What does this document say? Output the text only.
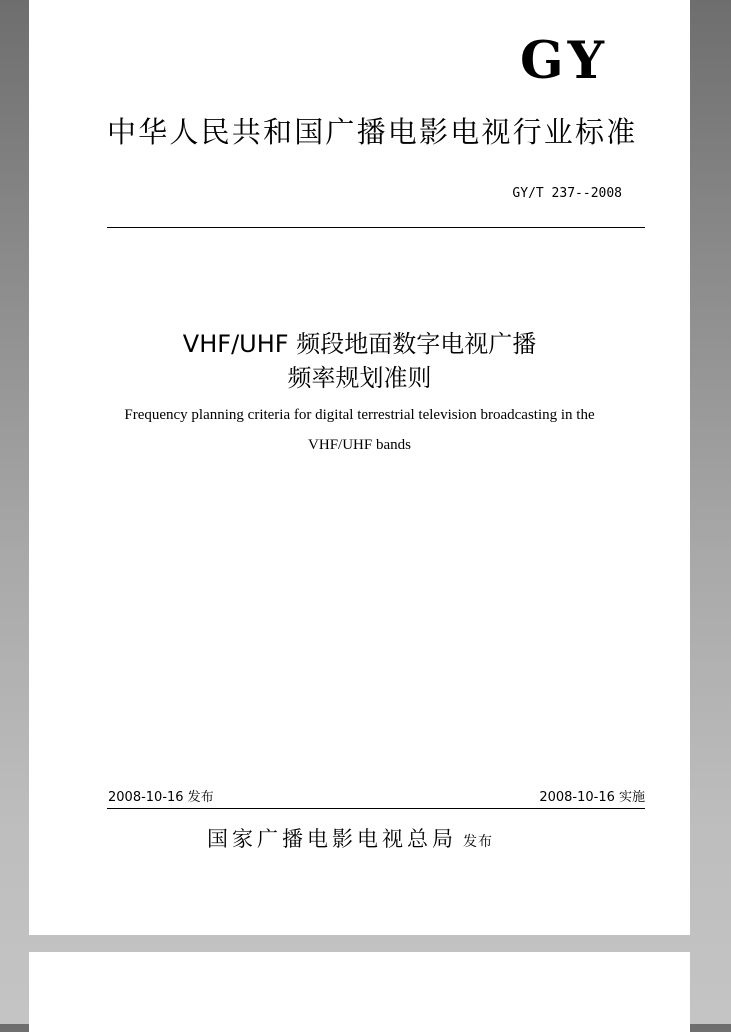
GY
中华人民共和国广播电影电视行业标准
GY/T 237--2008
VHF/UHF 频段地面数字电视广播
频率规划准则
Frequency planning criteria for digital terrestrial television broadcasting in the
VHF/UHF bands
2008-10-16 发布	2008-10-16 实施
国家广播电影电视总局 发布
